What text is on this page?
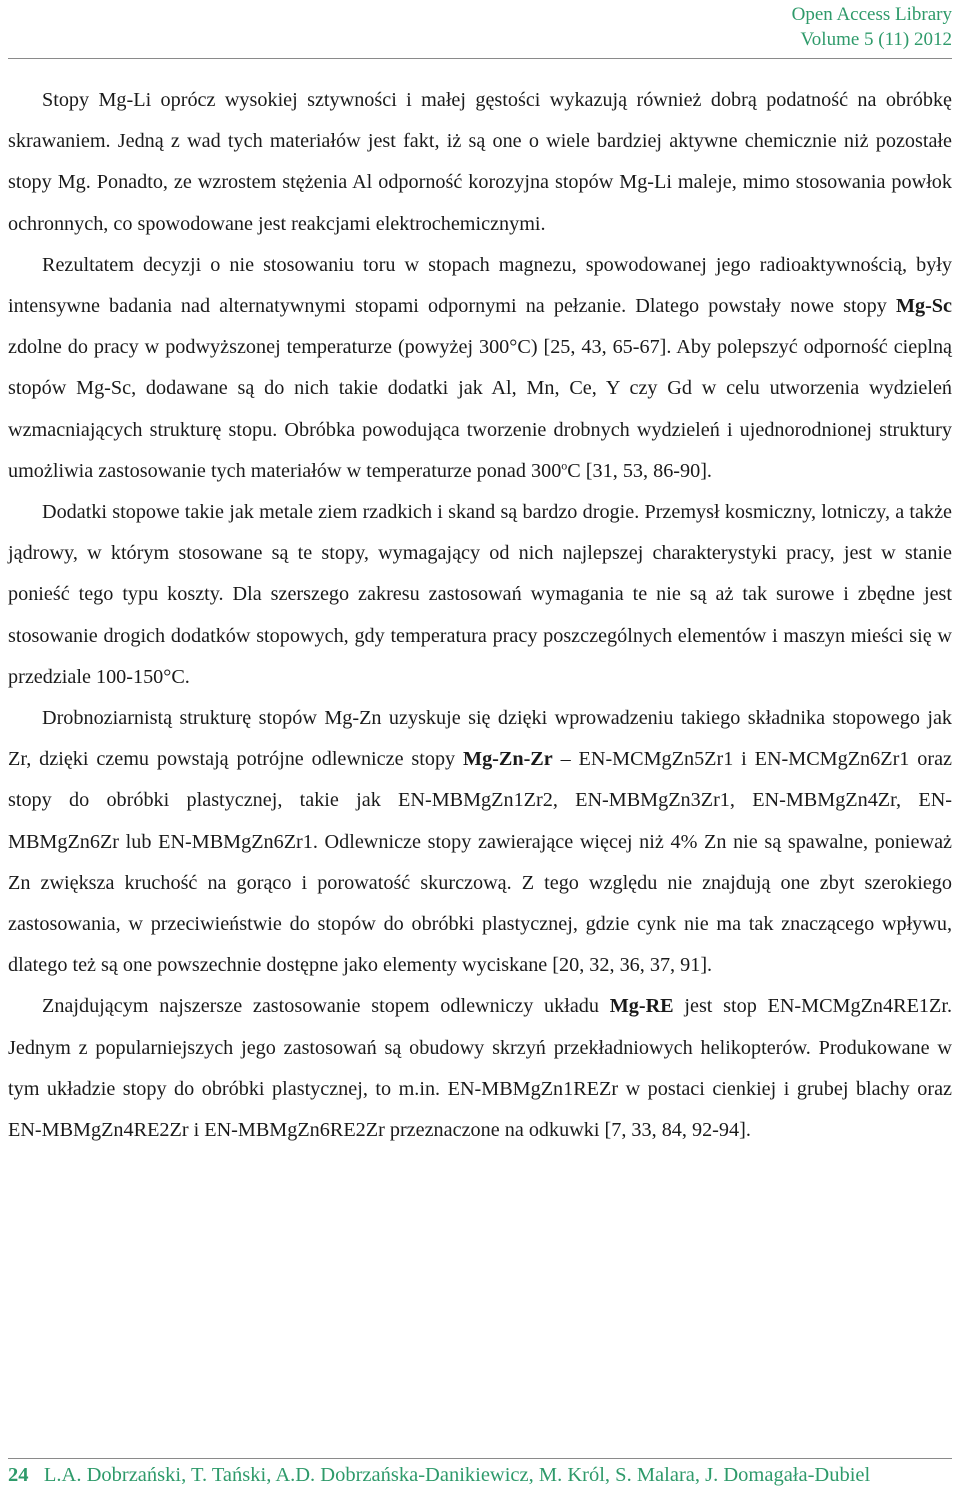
Open Access Library
Volume 5 (11) 2012

Stopy Mg-Li oprócz wysokiej sztywności i małej gęstości wykazują również dobrą podatność na obróbkę skrawaniem. Jedną z wad tych materiałów jest fakt, iż są one o wiele bardziej aktywne chemicznie niż pozostałe stopy Mg. Ponadto, ze wzrostem stężenia Al odporność korozyjna stopów Mg-Li maleje, mimo stosowania powłok ochronnych, co spowodowane jest reakcjami elektrochemicznymi.

Rezultatem decyzji o nie stosowaniu toru w stopach magnezu, spowodowanej jego radioaktywnością, były intensywne badania nad alternatywnymi stopami odpornymi na pełzanie. Dlatego powstały nowe stopy Mg-Sc zdolne do pracy w podwyższonej temperaturze (powyżej 300°C) [25, 43, 65-67]. Aby polepszyć odporność cieplną stopów Mg-Sc, dodawane są do nich takie dodatki jak Al, Mn, Ce, Y czy Gd w celu utworzenia wydzieleń wzmacniających strukturę stopu. Obróbka powodująca tworzenie drobnych wydzieleń i ujednorodnionej struktury umożliwia zastosowanie tych materiałów w temperaturze ponad 300$^o$C [31, 53, 86-90].

Dodatki stopowe takie jak metale ziem rzadkich i skand są bardzo drogie. Przemysł kosmiczny, lotniczy, a także jądrowy, w którym stosowane są te stopy, wymagający od nich najlepszej charakterystyki pracy, jest w stanie ponieść tego typu koszty. Dla szerszego zakresu zastosowań wymagania te nie są aż tak surowe i zbędne jest stosowanie drogich dodatków stopowych, gdy temperatura pracy poszczególnych elementów i maszyn mieści się w przedziale 100-150°C.

Drobnoziarnistą strukturę stopów Mg-Zn uzyskuje się dzięki wprowadzeniu takiego składnika stopowego jak Zr, dzięki czemu powstają potrójne odlewnicze stopy Mg-Zn-Zr – EN-MCMgZn5Zr1 i EN-MCMgZn6Zr1 oraz stopy do obróbki plastycznej, takie jak EN-MBMgZn1Zr2, EN-MBMgZn3Zr1, EN-MBMgZn4Zr, EN-MBMgZn6Zr lub EN-MBMgZn6Zr1. Odlewnicze stopy zawierające więcej niż 4% Zn nie są spawalne, ponieważ Zn zwiększa kruchość na gorąco i porowatość skurczową. Z tego względu nie znajdują one zbyt szerokiego zastosowania, w przeciwieństwie do stopów do obróbki plastycznej, gdzie cynk nie ma tak znaczącego wpływu, dlatego też są one powszechnie dostępne jako elementy wyciskane [20, 32, 36, 37, 91].

Znajdującym najszersze zastosowanie stopem odlewniczy układu Mg-RE jest stop EN-MCMgZn4RE1Zr. Jednym z popularniejszych jego zastosowań są obudowy skrzyń przekładniowych helikopterów. Produkowane w tym układzie stopy do obróbki plastycznej, to m.in. EN-MBMgZn1REZr w postaci cienkiej i grubej blachy oraz EN-MBMgZn4RE2Zr i EN-MBMgZn6RE2Zr przeznaczone na odkuwki [7, 33, 84, 92-94].

24 L.A. Dobrzański, T. Tański, A.D. Dobrzańska-Danikiewicz, M. Król, S. Malara, J. Domagała-Dubiel
